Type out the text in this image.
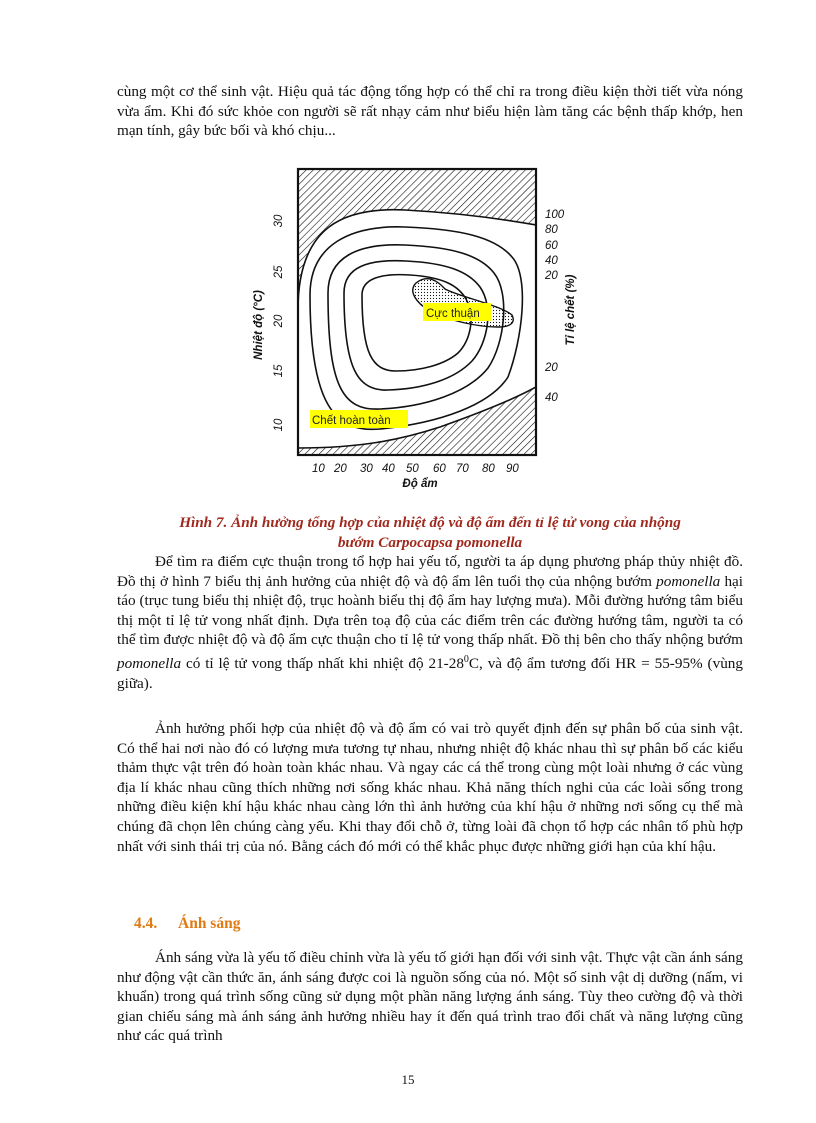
cùng một cơ thể sinh vật. Hiệu quả tác động tổng hợp có thể chỉ ra trong điều kiện thời tiết vừa nóng vừa ẩm. Khi đó sức khỏe con người sẽ rất nhạy cảm như biểu hiện làm tăng các bệnh thấp khớp, hen mạn tính, gây bức bối và khó chịu...

Cực thuận
Chết hoàn toàn
10
15
20
25
30
Nhiệt độ (°C)
100
80
60
40
20
20
40
Tỉ lệ chết (%)
10 20 30 40 50 60 70 80 90
Độ ẩm

Hình 7. Ảnh hưởng tổng hợp của nhiệt độ và độ ẩm đến tỉ lệ tử vong của nhộng

bướm Carpocapsa pomonella

Để tìm ra điểm cực thuận trong tổ hợp hai yếu tố, người ta áp dụng phương pháp thủy nhiệt đồ. Đồ thị ở hình 7 biểu thị ảnh hưởng của nhiệt độ và độ ẩm lên tuổi thọ của nhộng bướm pomonella hại táo (trục tung biểu thị nhiệt độ, trục hoành biểu thị độ ẩm hay lượng mưa). Mỗi đường hướng tâm biểu thị một tỉ lệ tử vong nhất định. Dựa trên toạ độ của các điểm trên các đường hướng tâm, người ta có thể tìm được nhiệt độ và độ ẩm cực thuận cho tỉ lệ tử vong thấp nhất. Đồ thị bên cho thấy nhộng bướm pomonella có tỉ lệ tử vong thấp nhất khi nhiệt độ $21-28^0C$, và độ ẩm tương đối HR = 55-95% (vùng giữa).

Ảnh hưởng phối hợp của nhiệt độ và độ ẩm có vai trò quyết định đến sự phân bố của sinh vật. Có thể hai nơi nào đó có lượng mưa tương tự nhau, nhưng nhiệt độ khác nhau thì sự phân bố các kiểu thảm thực vật trên đó hoàn toàn khác nhau. Và ngay các cá thể trong cùng một loài nhưng ở các vùng địa lí khác nhau cũng thích những nơi sống khác nhau. Khả năng thích nghi của các loài sống trong những điều kiện khí hậu khác nhau càng lớn thì ảnh hưởng của khí hậu ở những nơi sống cụ thể mà chúng đã chọn lên chúng càng yếu. Khi thay đổi chỗ ở, từng loài đã chọn tổ hợp các nhân tố phù hợp nhất với sinh thái trị của nó. Bằng cách đó mới có thể khắc phục được những giới hạn của khí hậu.

4.4. Ánh sáng

Ánh sáng vừa là yếu tố điều chỉnh vừa là yếu tố giới hạn đối với sinh vật. Thực vật cần ánh sáng như động vật cần thức ăn, ánh sáng được coi là nguồn sống của nó. Một số sinh vật dị dưỡng (nấm, vi khuẩn) trong quá trình sống cũng sử dụng một phần năng lượng ánh sáng. Tùy theo cường độ và thời gian chiếu sáng mà ánh sáng ảnh hưởng nhiều hay ít đến quá trình trao đổi chất và năng lượng cũng như các quá trình

15
